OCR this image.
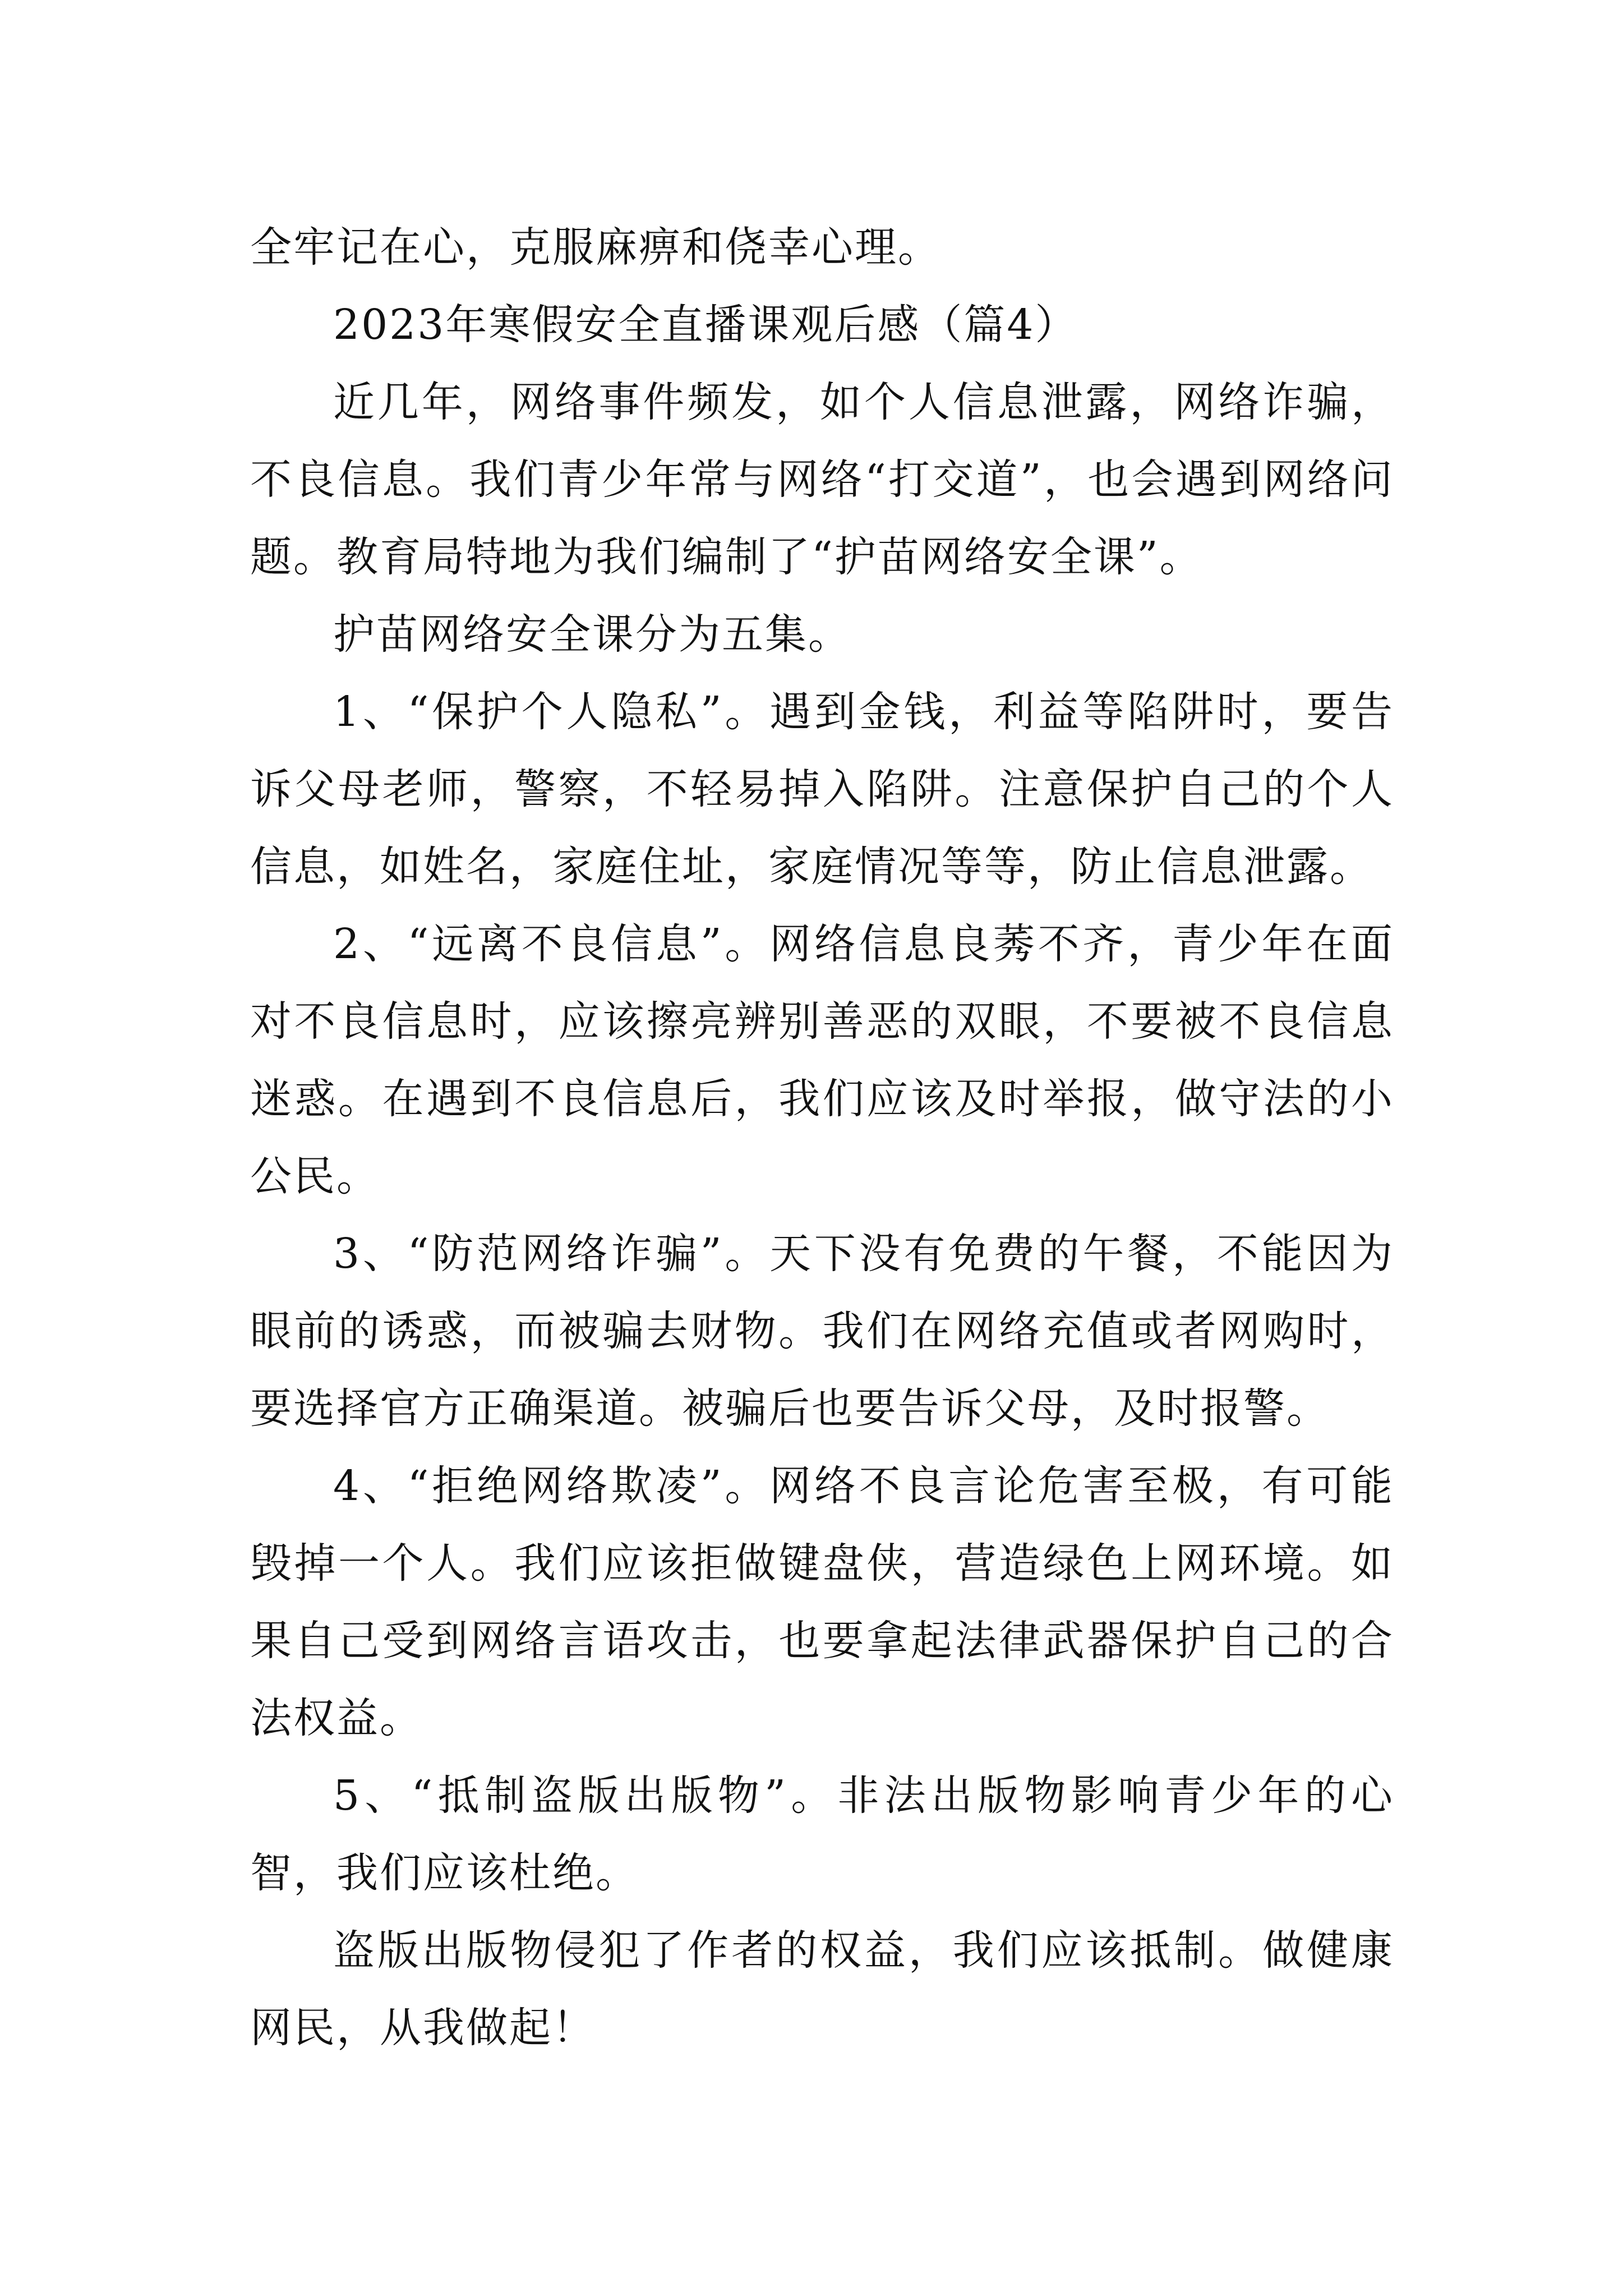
全牢记在心，克服麻痹和侥幸心理。

2023年寒假安全直播课观后感（篇4）

近几年，网络事件频发，如个人信息泄露，网络诈骗，不良信息。我们青少年常与网络“打交道”，也会遇到网络问题。教育局特地为我们编制了“护苗网络安全课”。

护苗网络安全课分为五集。

1、“保护个人隐私”。遇到金钱，利益等陷阱时，要告诉父母老师，警察，不轻易掉入陷阱。注意保护自己的个人信息，如姓名，家庭住址，家庭情况等等，防止信息泄露。

2、“远离不良信息”。网络信息良莠不齐，青少年在面对不良信息时，应该擦亮辨别善恶的双眼，不要被不良信息迷惑。在遇到不良信息后，我们应该及时举报，做守法的小公民。

3、“防范网络诈骗”。天下没有免费的午餐，不能因为眼前的诱惑，而被骗去财物。我们在网络充值或者网购时，要选择官方正确渠道。被骗后也要告诉父母，及时报警。

4、“拒绝网络欺凌”。网络不良言论危害至极，有可能毁掉一个人。我们应该拒做键盘侠，营造绿色上网环境。如果自己受到网络言语攻击，也要拿起法律武器保护自己的合法权益。

5、“抵制盗版出版物”。非法出版物影响青少年的心智，我们应该杜绝。

盗版出版物侵犯了作者的权益，我们应该抵制。做健康网民，从我做起！
